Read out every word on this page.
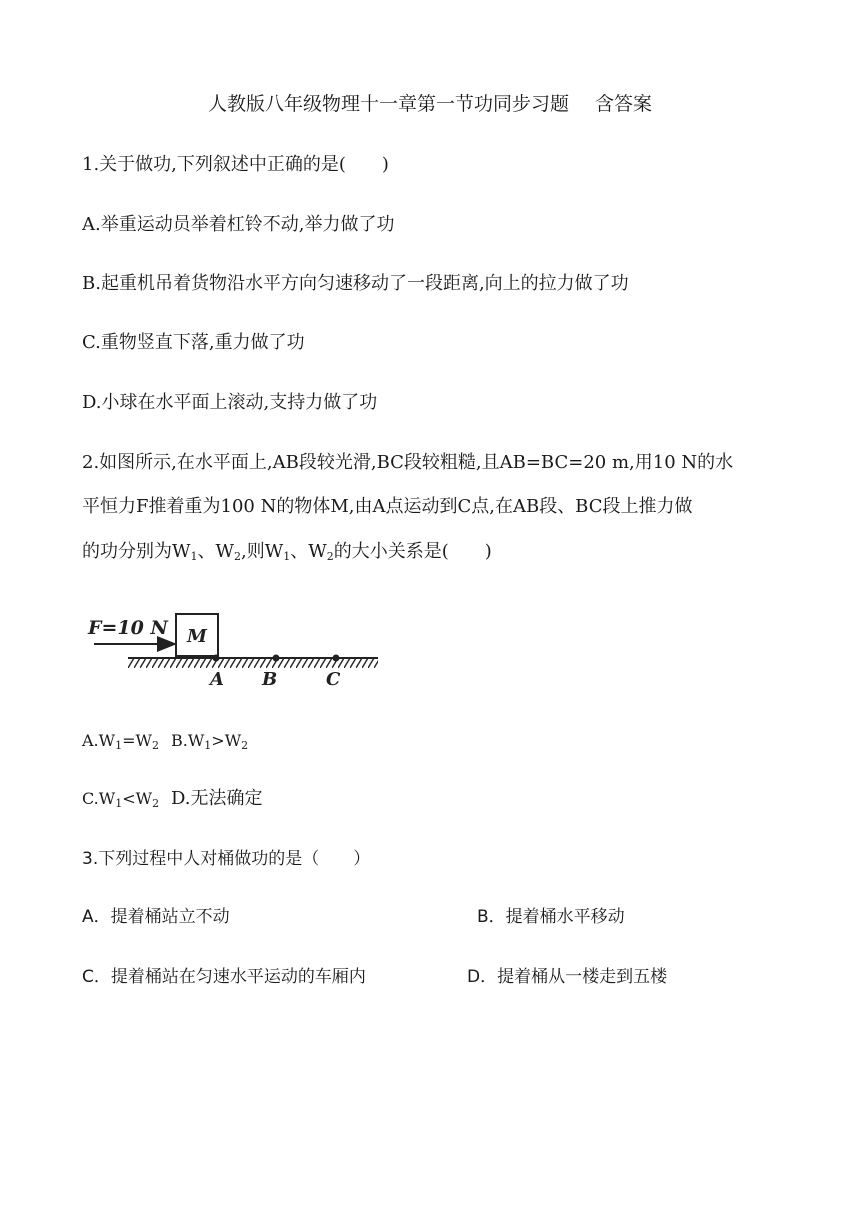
人教版八年级物理十一章第一节功同步习题 含答案
1.关于做功,下列叙述中正确的是(　　)
A.举重运动员举着杠铃不动,举力做了功
B.起重机吊着货物沿水平方向匀速移动了一段距离,向上的拉力做了功
C.重物竖直下落,重力做了功
D.小球在水平面上滚动,支持力做了功
2.如图所示,在水平面上,AB段较光滑,BC段较粗糙,且AB=BC=20 m,用10 N的水
平恒力F推着重为100 N的物体M,由A点运动到C点,在AB段、BC段上推力做
的功分别为$W_1$、$W_2$,则$W_1$、$W_2$的大小关系是(　　)
F=10 N M
A B	C
$A.W_1=W_2$ $B.W_1>W_2$
$C.W_1<W_2$ D.无法确定
3.下列过程中人对桶做功的是（　　）
A．提着桶站立不动	B．提着桶水平移动
C．提着桶站在匀速水平运动的车厢内	D．提着桶从一楼走到五楼
